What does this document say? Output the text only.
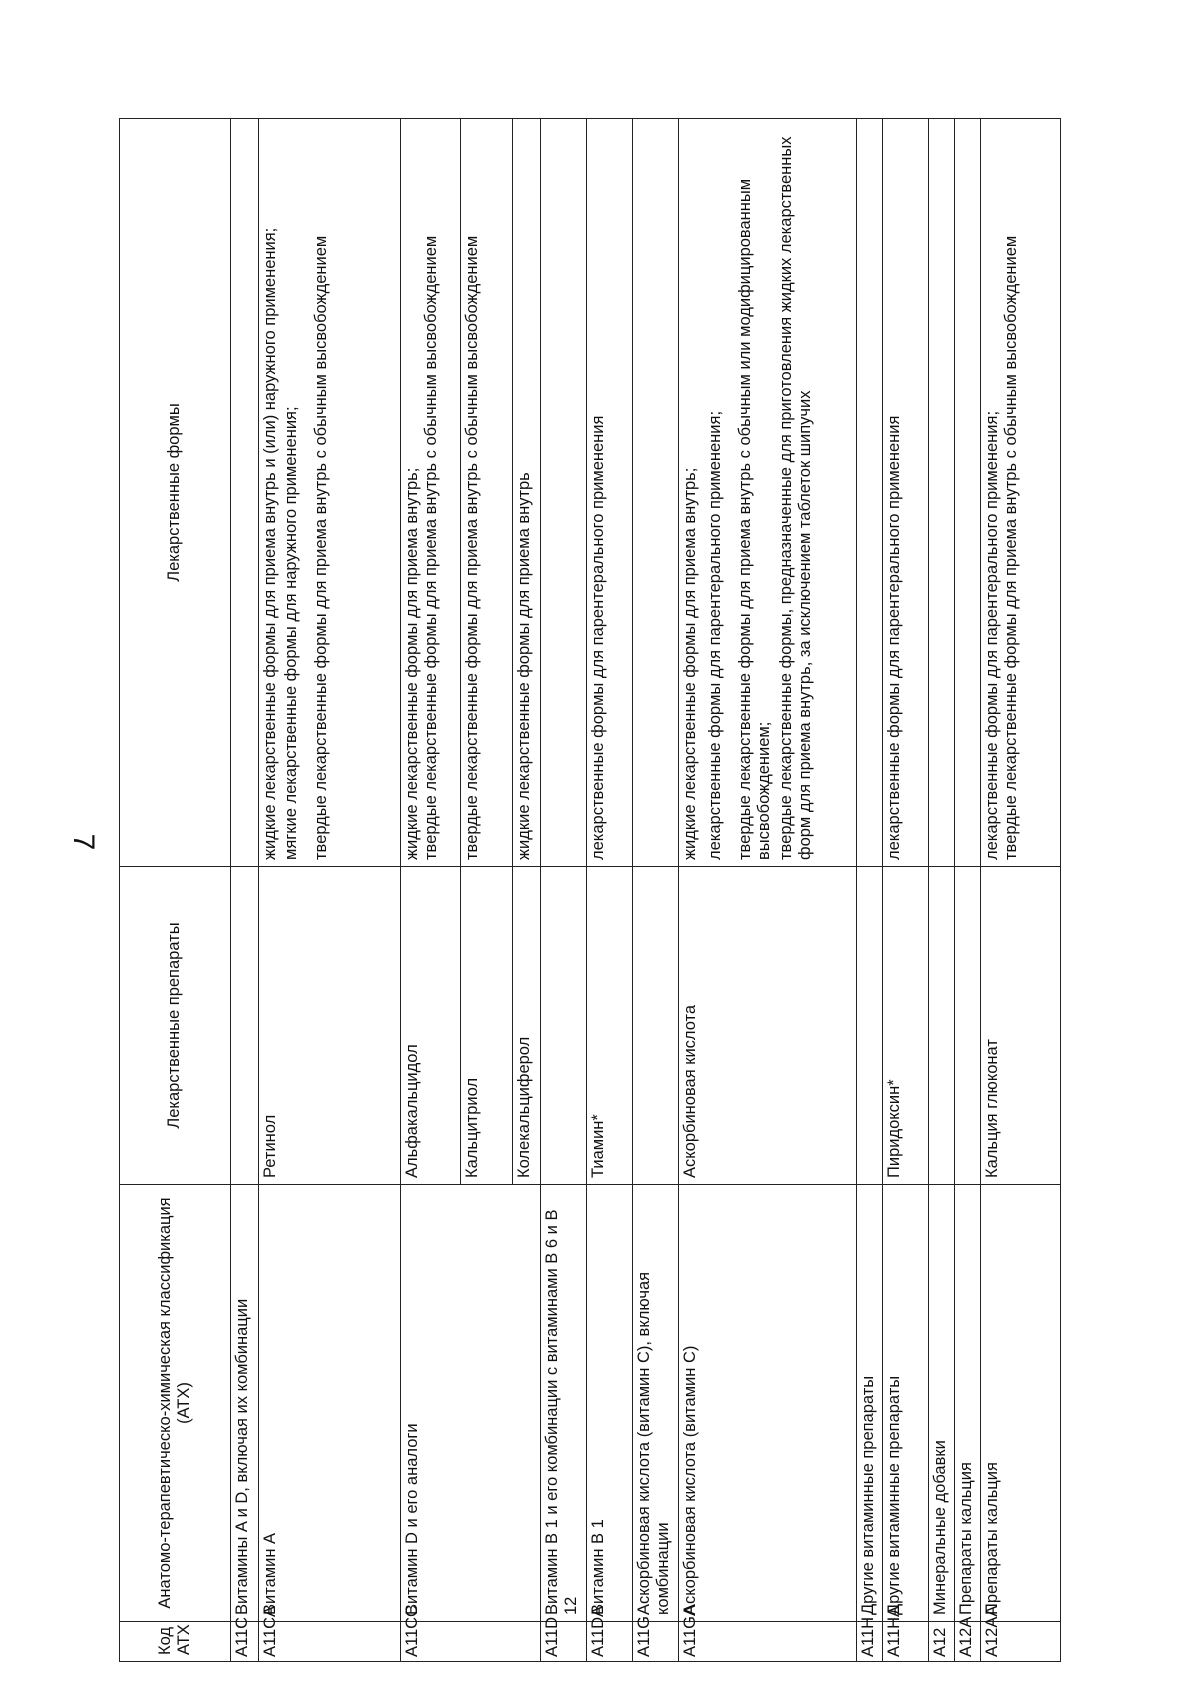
7
Код АТХ	Анатомо-терапевтическо-химическая классификация (АТХ)	Лекарственные препараты	Лекарственные формы
A11C	Витамины A и D, включая их комбинации		
A11CA	Витамин A	Ретинол	жидкие лекарственные формы для приема внутрь и (или) наружного применения; мягкие лекарственные формы для наружного применения; твердые лекарственные формы для приема внутрь с обычным высвобождением

A11CC	Витамин D и его аналоги	Альфакальцидол	жидкие лекарственные формы для приема внутрь; твердые лекарственные формы для приема внутрь с обычным высвобождением

		Кальцитриол	твердые лекарственные формы для приема внутрь с обычным высвобождением

		Колекальциферол	жидкие лекарственные формы для приема внутрь

A11D	Витамин B 1 и его комбинации с витаминами B 6 и B 12		
A11DA	Витамин B 1	Тиамин*	лекарственные формы для парентерального применения

A11G	Аскорбиновая кислота (витамин C), включая комбинации		
A11GA	Аскорбиновая кислота (витамин C)	Аскорбиновая кислота	жидкие лекарственные формы для приема внутрь; лекарственные формы для парентерального применения; твердые лекарственные формы для приема внутрь с обычным или модифицированным высвобождением; твердые лекарственные формы, предназначенные для приготовления жидких лекарственных форм для приема внутрь, за исключением таблеток шипучих

A11H	Другие витаминные препараты		
A11HA	Другие витаминные препараты	Пиридоксин*	лекарственные формы для парентерального применения

A12	Минеральные добавки		
A12A	Препараты кальция		
A12AA	Препараты кальция	Кальция глюконат	лекарственные формы для парентерального применения; твердые лекарственные формы для приема внутрь с обычным высвобождением
